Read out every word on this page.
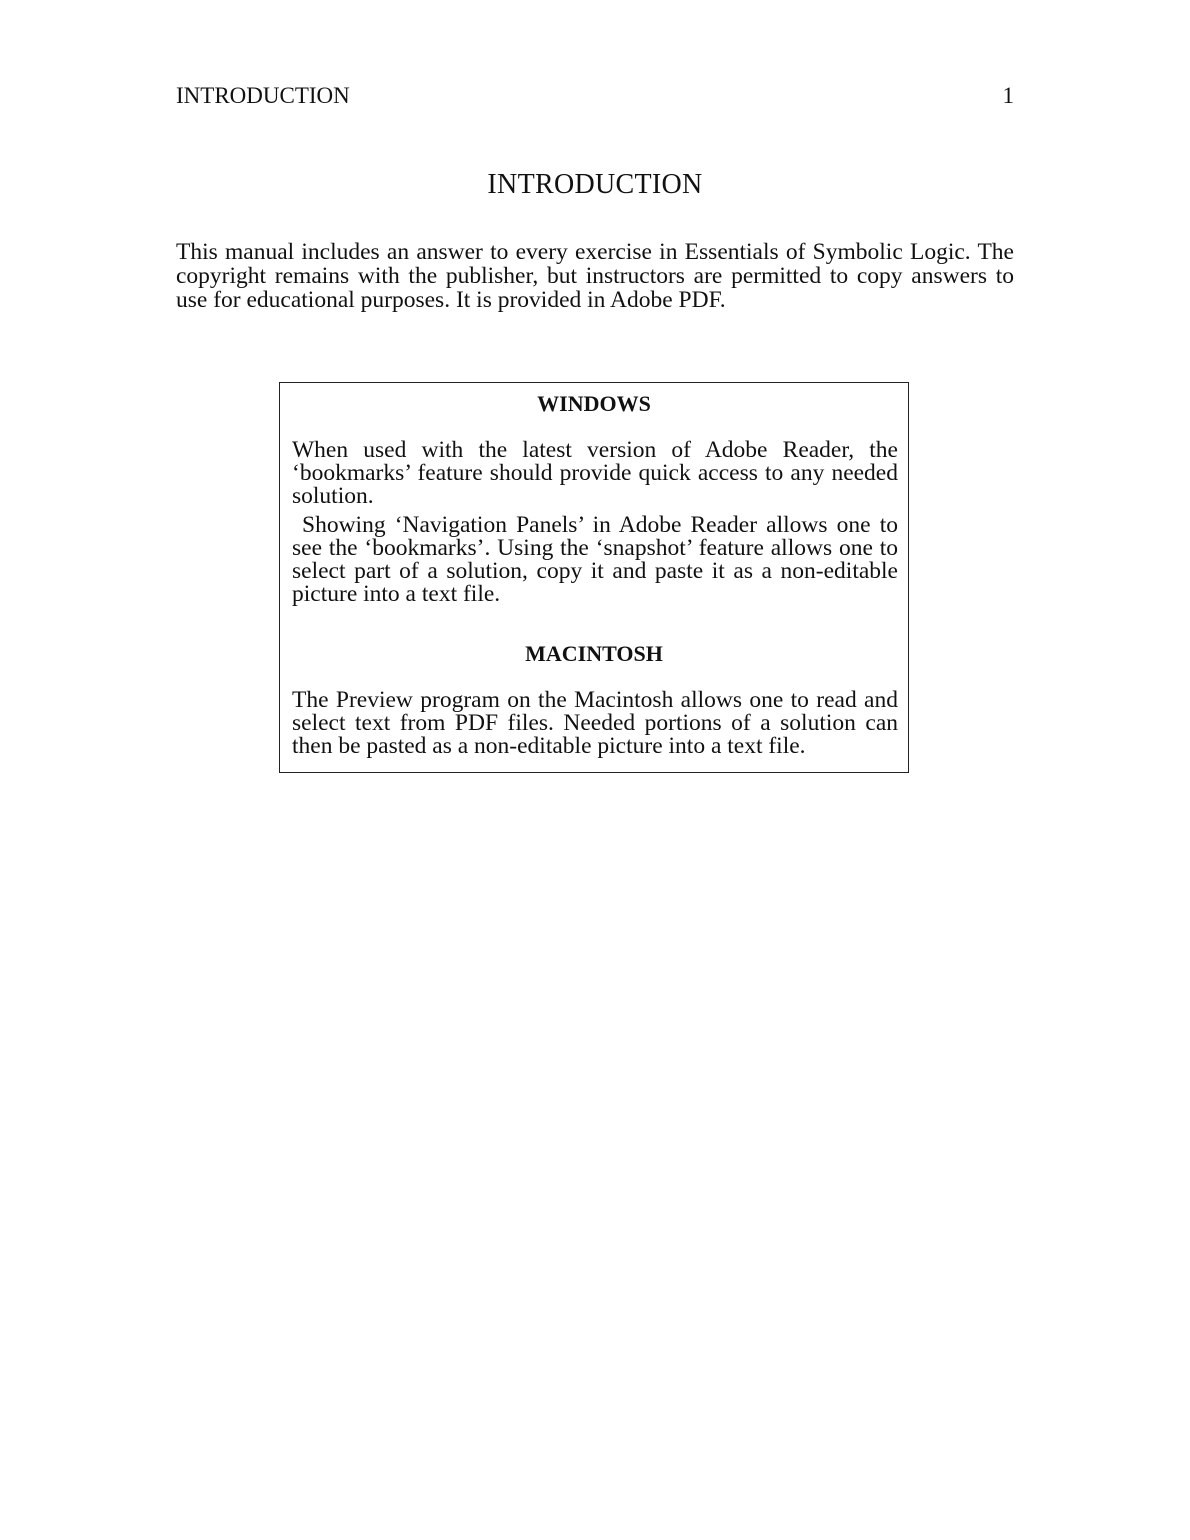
INTRODUCTION	1
INTRODUCTION

This manual includes an answer to every exercise in Essentials of Symbolic Logic. The copyright remains with the publisher, but instructors are permitted to copy answers to use for educational purposes. It is provided in Adobe PDF.

WINDOWS

When used with the latest version of Adobe Reader, the ‘bookmarks’ feature should provide quick access to any needed solution.

Showing ‘Navigation Panels’ in Adobe Reader allows one to see the ‘bookmarks’. Using the ‘snapshot’ feature allows one to select part of a solution, copy it and paste it as a non-editable picture into a text file.

MACINTOSH

The Preview program on the Macintosh allows one to read and select text from PDF files. Needed portions of a solution can then be pasted as a non-editable picture into a text file.
